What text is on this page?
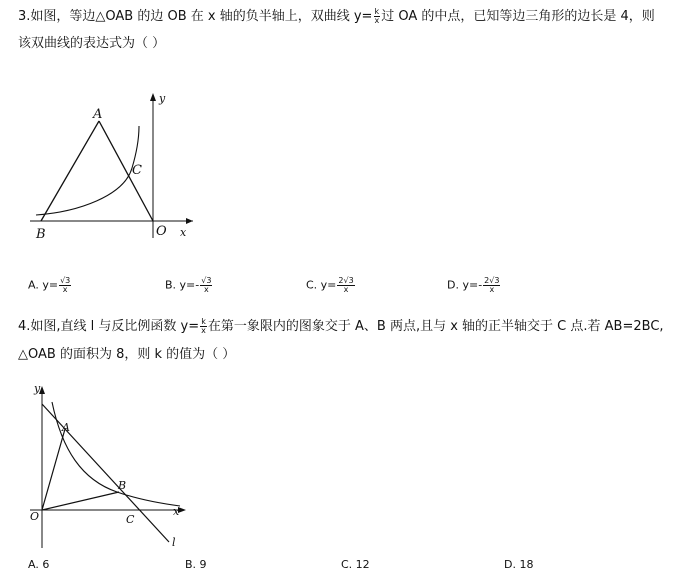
3.如图，等边△OAB 的边 OB 在 x 轴的负半轴上，双曲线 $y= \frac{k}{x}$ 过 OA 的中点，已知等边三角形的边长是 4，则
该双曲线的表达式为（ ）
A
B
C
O x
y
A. $y= \frac{√3}{x}$	B. $y=- \frac{√3}{x}$	C. $y= \frac{2√3}{x}$	D. $y=- \frac{2√3}{x}$
4.如图,直线 l 与反比例函数 $y= \frac{k}{x}$ 在第一象限内的图象交于 A、B 两点,且与 x 轴的正半轴交于 C 点.若 AB=2BC,
△OAB 的面积为 8，则 k 的值为（ ）
A
B
C
O	x
y
l
A. 6	B. 9	C. 12	D. 18
